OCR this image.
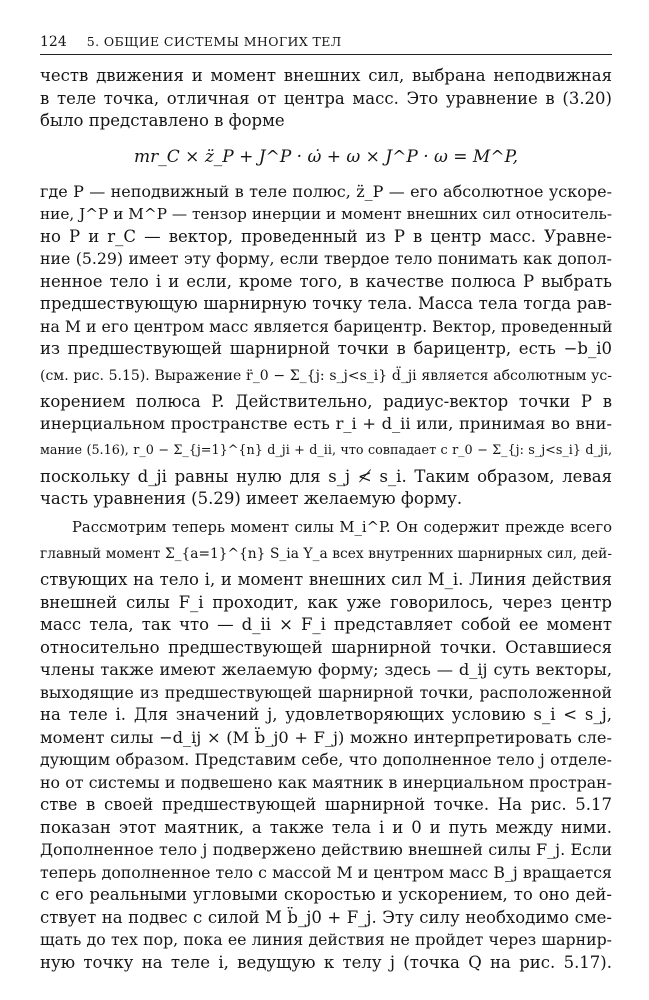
124 5. ОБЩИЕ СИСТЕМЫ МНОГИХ ТЕЛ
честв движения и момент внешних сил, выбрана неподвижная
в теле точка, отличная от центра масс. Это уравнение в (3.20)
было представлено в форме
mr_C × z̈_P + J^P · ω̇ + ω × J^P · ω = M^P,
где P — неподвижный в теле полюс, z̈_P — его абсолютное ускоре-
ние, J^P и M^P — тензор инерции и момент внешних сил относитель-
но P и r_C — вектор, проведенный из P в центр масс. Уравне-
ние (5.29) имеет эту форму, если твердое тело понимать как допол-
ненное тело i и если, кроме того, в качестве полюса P выбрать
предшествующую шарнирную точку тела. Масса тела тогда рав-
на M и его центром масс является барицентр. Вектор, проведенный
из предшествующей шарнирной точки в барицентр, есть −b_i0
(см. рис. 5.15). Выражение r̈_0 − Σ_{j: s_j<s_i} d̈_ji является абсолютным ус-
корением полюса P. Действительно, радиус-вектор точки P в
инерциальном пространстве есть r_i + d_ii или, принимая во вни-
мание (5.16), r_0 − Σ_{j=1}^{n} d_ji + d_ii, что совпадает с r_0 − Σ_{j: s_j<s_i} d_ji,
поскольку d_ji равны нулю для s_j ≮ s_i. Таким образом, левая
часть уравнения (5.29) имеет желаемую форму.
Рассмотрим теперь момент силы M_i^P. Он содержит прежде всего
главный момент Σ_{a=1}^{n} S_ia Y_a всех внутренних шарнирных сил, дей-
ствующих на тело i, и момент внешних сил M_i. Линия действия
внешней силы F_i проходит, как уже говорилось, через центр
масс тела, так что — d_ii × F_i представляет собой ее момент
относительно предшествующей шарнирной точки. Оставшиеся
члены также имеют желаемую форму; здесь — d_ij суть векторы,
выходящие из предшествующей шарнирной точки, расположенной
на теле i. Для значений j, удовлетворяющих условию s_i < s_j,
момент силы −d_ij × (M b̈_j0 + F_j) можно интерпретировать сле-
дующим образом. Представим себе, что дополненное тело j отделе-
но от системы и подвешено как маятник в инерциальном простран-
стве в своей предшествующей шарнирной точке. На рис. 5.17
показан этот маятник, а также тела i и 0 и путь между ними.
Дополненное тело j подвержено действию внешней силы F_j. Если
теперь дополненное тело с массой M и центром масс B_j вращается
с его реальными угловыми скоростью и ускорением, то оно дей-
ствует на подвес с силой M b̈_j0 + F_j. Эту силу необходимо сме-
щать до тех пор, пока ее линия действия не пройдет через шарнир-
ную точку на теле i, ведущую к телу j (точка Q на рис. 5.17).
